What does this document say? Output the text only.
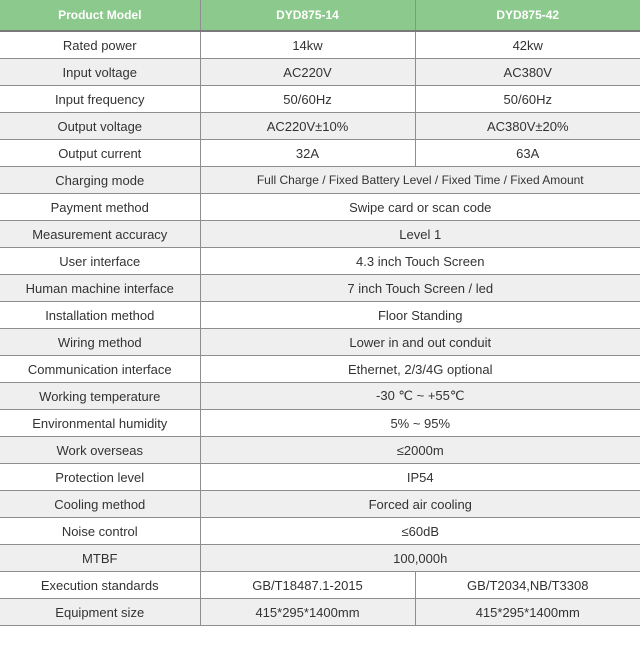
Product Model	DYD875-14	DYD875-42
Rated power	14kw	42kw
Input voltage	AC220V	AC380V
Input frequency	50/60Hz	50/60Hz
Output voltage	AC220V±10%	AC380V±20%
Output current	32A	63A
Charging mode	Full Charge / Fixed Battery Level / Fixed Time / Fixed Amount	
Payment method	Swipe card or scan code	
Measurement accuracy	Level 1	
User interface	4.3 inch Touch Screen	
Human machine interface	7 inch Touch Screen / led	
Installation method	Floor Standing	
Wiring method	Lower in and out conduit	
Communication interface	Ethernet, 2/3/4G optional	
Working temperature	-30 ℃ ~ +55℃	
Environmental humidity	5% ~ 95%	
Work overseas	≤2000m	
Protection level	IP54	
Cooling method	Forced air cooling	
Noise control	≤60dB	
MTBF	100,000h	
Execution standards	GB/T18487.1-2015	GB/T2034,NB/T3308
Equipment size	415*295*1400mm	415*295*1400mm
